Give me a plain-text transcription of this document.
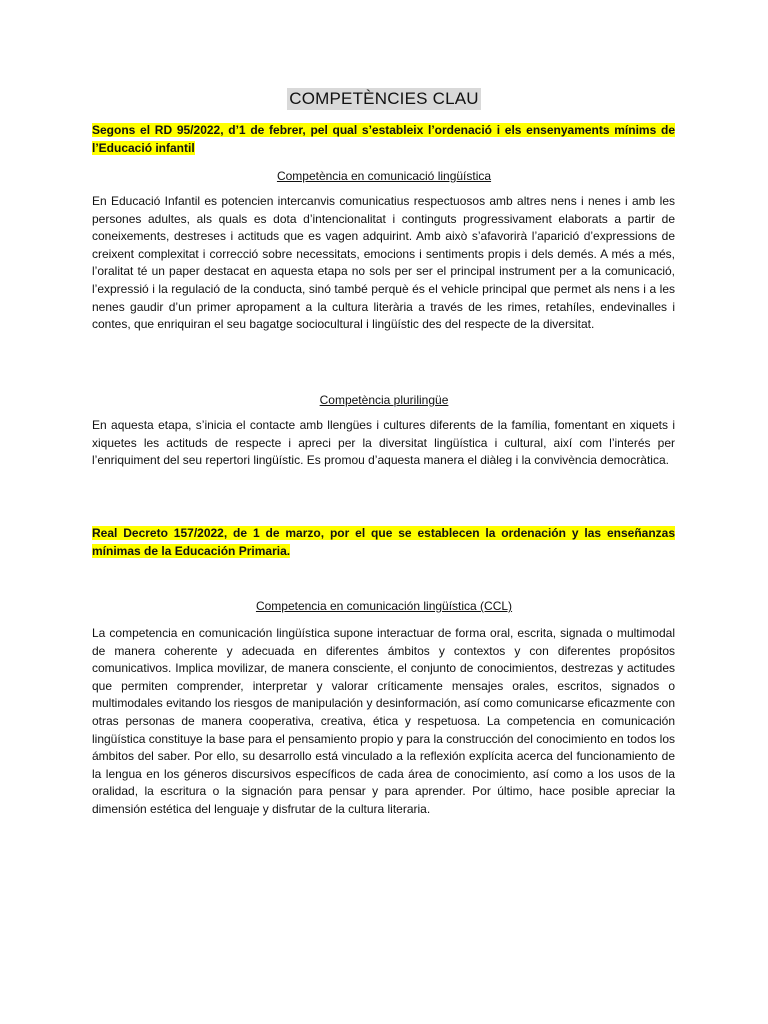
COMPETÈNCIES CLAU
Segons el RD 95/2022, d’1 de febrer, pel qual s’estableix l’ordenació i els ensenyaments mínims de l’Educació infantil
Competència en comunicació lingüística

En Educació Infantil es potencien intercanvis comunicatius respectuosos amb altres nens i nenes i amb les persones adultes, als quals es dota d’intencionalitat i continguts progressivament elaborats a partir de coneixements, destreses i actituds que es vagen adquirint. Amb això s’afavorirà l’aparició d’expressions de creixent complexitat i correcció sobre necessitats, emocions i sentiments propis i dels demés. A més a més, l’oralitat té un paper destacat en aquesta etapa no sols per ser el principal instrument per a la comunicació, l’expressió i la regulació de la conducta, sinó també perquè és el vehicle principal que permet als nens i a les nenes gaudir d’un primer apropament a la cultura literària a través de les rimes, retahíles, endevinalles i contes, que enriquiran el seu bagatge sociocultural i lingüístic des del respecte de la diversitat.

Competència plurilingüe

En aquesta etapa, s’inicia el contacte amb llengües i cultures diferents de la família, fomentant en xiquets i xiquetes les actituds de respecte i apreci per la diversitat lingüística i cultural, així com l’interés per l’enriquiment del seu repertori lingüístic. Es promou d’aquesta manera el diàleg i la convivència democràtica.

Real Decreto 157/2022, de 1 de marzo, por el que se establecen la ordenación y las enseñanzas mínimas de la Educación Primaria.
Competencia en comunicación lingüística (CCL)

La competencia en comunicación lingüística supone interactuar de forma oral, escrita, signada o multimodal de manera coherente y adecuada en diferentes ámbitos y contextos y con diferentes propósitos comunicativos. Implica movilizar, de manera consciente, el conjunto de conocimientos, destrezas y actitudes que permiten comprender, interpretar y valorar críticamente mensajes orales, escritos, signados o multimodales evitando los riesgos de manipulación y desinformación, así como comunicarse eficazmente con otras personas de manera cooperativa, creativa, ética y respetuosa. La competencia en comunicación lingüística constituye la base para el pensamiento propio y para la construcción del conocimiento en todos los ámbitos del saber. Por ello, su desarrollo está vinculado a la reflexión explícita acerca del funcionamiento de la lengua en los géneros discursivos específicos de cada área de conocimiento, así como a los usos de la oralidad, la escritura o la signación para pensar y para aprender. Por último, hace posible apreciar la dimensión estética del lenguaje y disfrutar de la cultura literaria.
